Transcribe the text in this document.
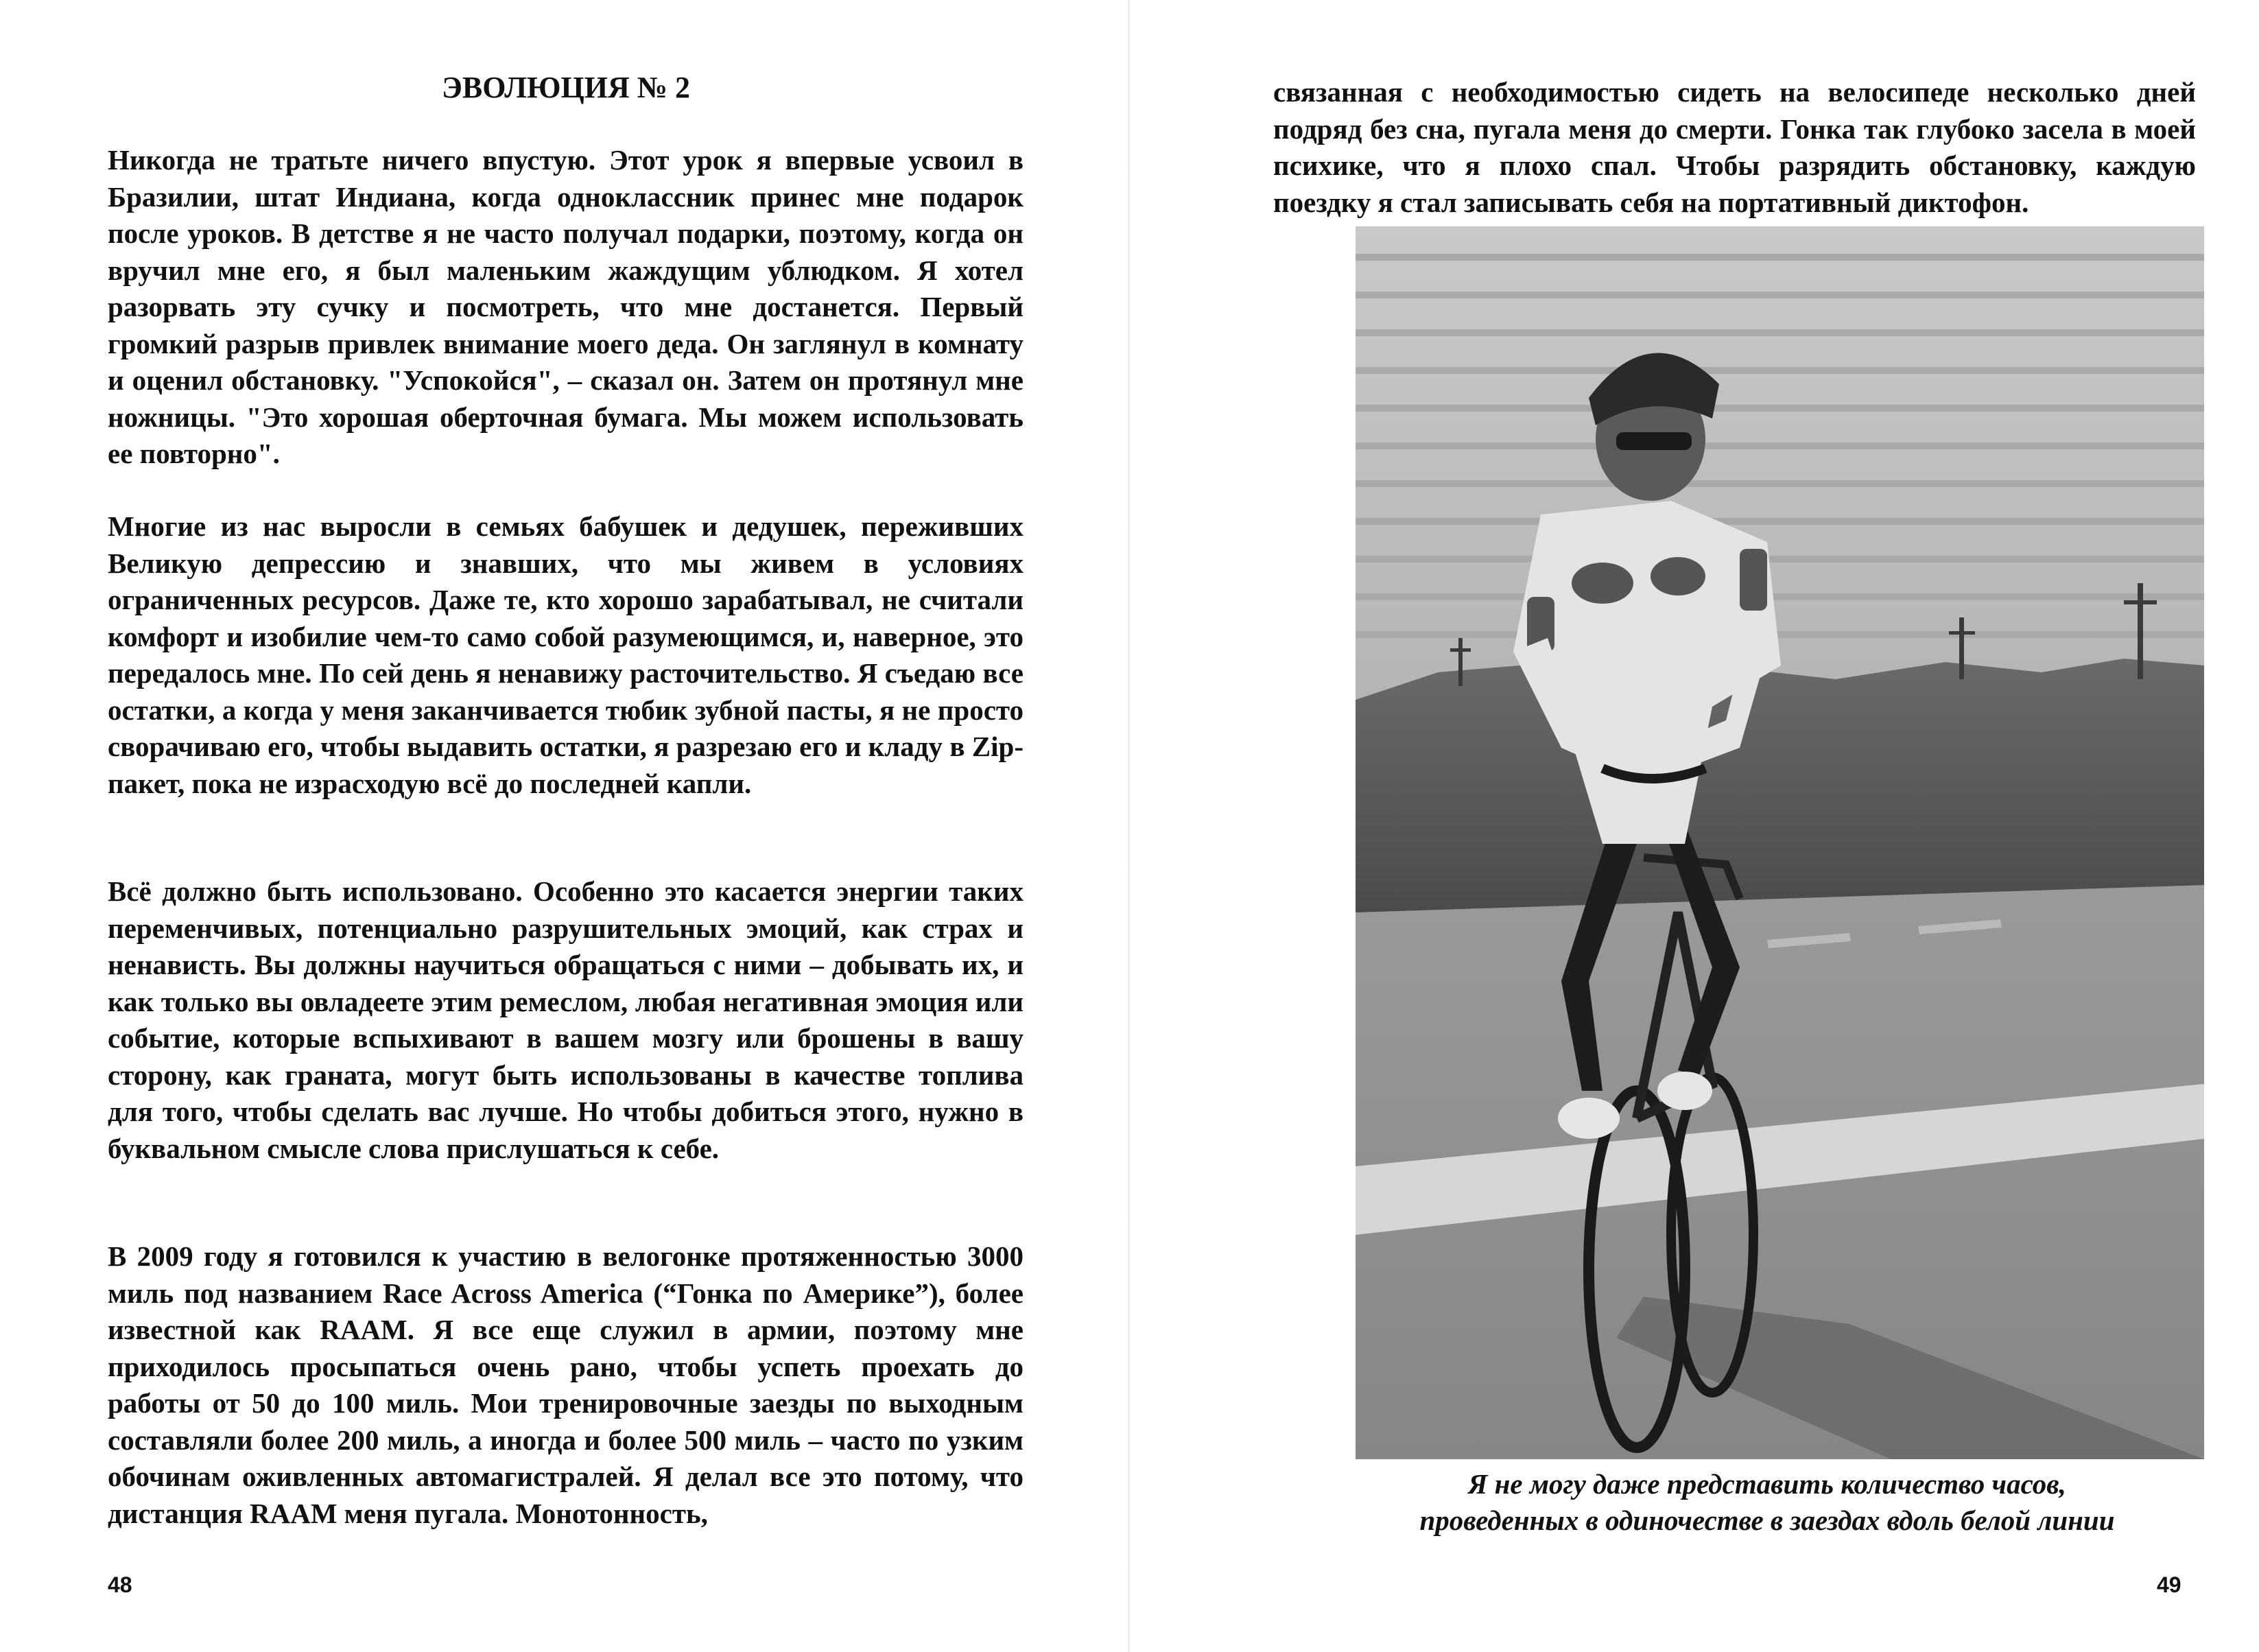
ЭВОЛЮЦИЯ № 2

Никогда не тратьте ничего впустую. Этот урок я впервые усвоил в Бразилии, штат Индиана, когда одноклассник принес мне подарок после уроков. В детстве я не часто получал подарки, поэтому, когда он вручил мне его, я был маленьким жаждущим ублюдком. Я хотел разорвать эту сучку и посмотреть, что мне достанется. Первый громкий разрыв привлек внимание моего деда. Он заглянул в комнату и оценил обстановку. "Успокойся", – сказал он. Затем он протянул мне ножницы. "Это хорошая оберточная бумага. Мы можем использовать ее повторно".

Многие из нас выросли в семьях бабушек и дедушек, переживших Великую депрессию и знавших, что мы живем в условиях ограниченных ресурсов. Даже те, кто хорошо зарабатывал, не считали комфорт и изобилие чем-то само собой разумеющимся, и, наверное, это передалось мне. По сей день я ненавижу расточительство. Я съедаю все остатки, а когда у меня заканчивается тюбик зубной пасты, я не просто сворачиваю его, чтобы выдавить остатки, я разрезаю его и кладу в Zip-пакет, пока не израсходую всё до последней капли.

Всё должно быть использовано. Особенно это касается энергии таких переменчивых, потенциально разрушительных эмоций, как страх и ненависть. Вы должны научиться обращаться с ними – добывать их, и как только вы овладеете этим ремеслом, любая негативная эмоция или событие, которые вспыхивают в вашем мозгу или брошены в вашу сторону, как граната, могут быть использованы в качестве топлива для того, чтобы сделать вас лучше. Но чтобы добиться этого, нужно в буквальном смысле слова прислушаться к себе.

В 2009 году я готовился к участию в велогонке протяженностью 3000 миль под названием Race Across America (“Гонка по Америке”), более известной как RAAM. Я все еще служил в армии, поэтому мне приходилось просыпаться очень рано, чтобы успеть проехать до работы от 50 до 100 миль. Мои тренировочные заезды по выходным составляли более 200 миль, а иногда и более 500 миль – часто по узким обочинам оживленных автомагистралей. Я делал все это потому, что дистанция RAAM меня пугала. Монотонность,

48

связанная с необходимостью сидеть на велосипеде несколько дней подряд без сна, пугала меня до смерти. Гонка так глубоко засела в моей психике, что я плохо спал. Чтобы разрядить обстановку, каждую поездку я стал записывать себя на портативный диктофон.

Я не могу даже представить количество часов,
проведенных в одиночестве в заездах вдоль белой линии

49
